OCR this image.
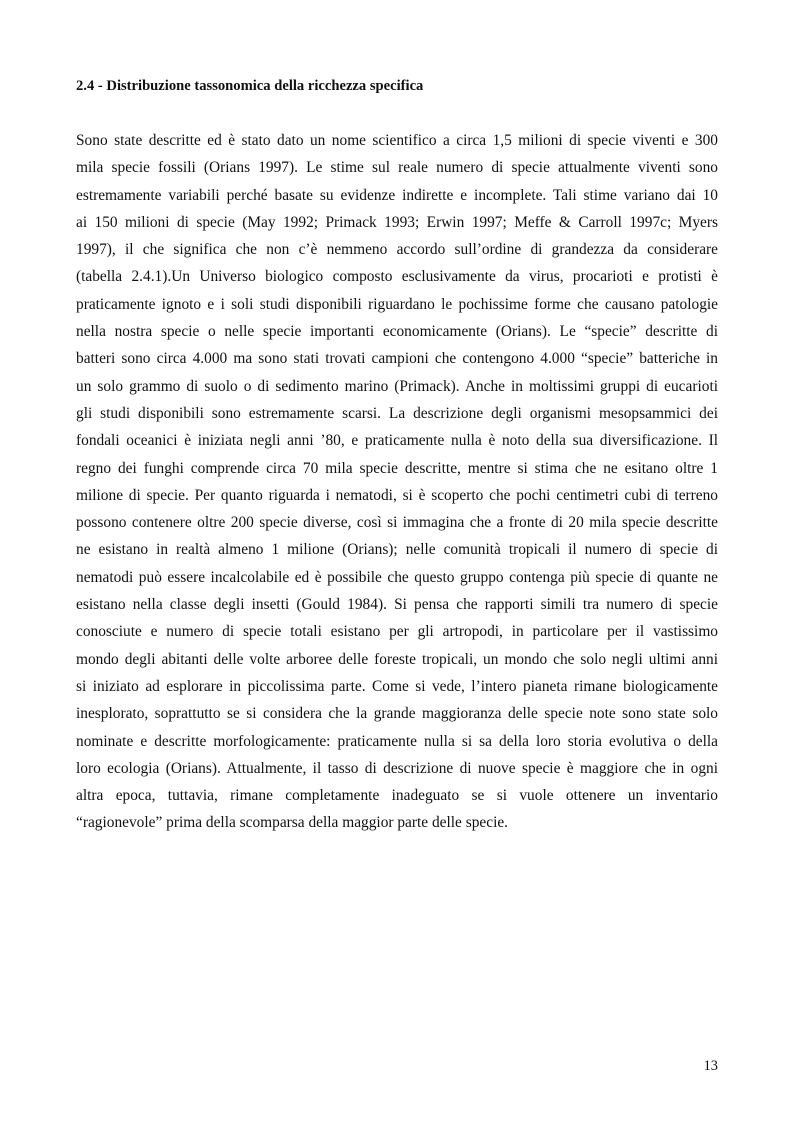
2.4 - Distribuzione tassonomica della ricchezza specifica
Sono state descritte ed è stato dato un nome scientifico a circa 1,5 milioni di specie viventi e 300
mila specie fossili (Orians 1997). Le stime sul reale numero di specie attualmente viventi sono
estremamente variabili perché basate su evidenze indirette e incomplete. Tali stime variano dai 10
ai 150 milioni di specie (May 1992; Primack 1993; Erwin 1997; Meffe & Carroll 1997c; Myers
1997), il che significa che non c’è nemmeno accordo sull’ordine di grandezza da considerare
(tabella 2.4.1).Un Universo biologico composto esclusivamente da virus, procarioti e protisti è
praticamente ignoto e i soli studi disponibili riguardano le pochissime forme che causano patologie
nella nostra specie o nelle specie importanti economicamente (Orians). Le “specie” descritte di
batteri sono circa 4.000 ma sono stati trovati campioni che contengono 4.000 “specie” batteriche in
un solo grammo di suolo o di sedimento marino (Primack). Anche in moltissimi gruppi di eucarioti
gli studi disponibili sono estremamente scarsi. La descrizione degli organismi mesopsammici dei
fondali oceanici è iniziata negli anni ’80, e praticamente nulla è noto della sua diversificazione. Il
regno dei funghi comprende circa 70 mila specie descritte, mentre si stima che ne esitano oltre 1
milione di specie. Per quanto riguarda i nematodi, si è scoperto che pochi centimetri cubi di terreno
possono contenere oltre 200 specie diverse, così si immagina che a fronte di 20 mila specie descritte
ne esistano in realtà almeno 1 milione (Orians); nelle comunità tropicali il numero di specie di
nematodi può essere incalcolabile ed è possibile che questo gruppo contenga più specie di quante ne
esistano nella classe degli insetti (Gould 1984). Si pensa che rapporti simili tra numero di specie
conosciute e numero di specie totali esistano per gli artropodi, in particolare per il vastissimo
mondo degli abitanti delle volte arboree delle foreste tropicali, un mondo che solo negli ultimi anni
si iniziato ad esplorare in piccolissima parte. Come si vede, l’intero pianeta rimane biologicamente
inesplorato, soprattutto se si considera che la grande maggioranza delle specie note sono state solo
nominate e descritte morfologicamente: praticamente nulla si sa della loro storia evolutiva o della
loro ecologia (Orians). Attualmente, il tasso di descrizione di nuove specie è maggiore che in ogni
altra epoca, tuttavia, rimane completamente inadeguato se si vuole ottenere un inventario
“ragionevole” prima della scomparsa della maggior parte delle specie.
13
